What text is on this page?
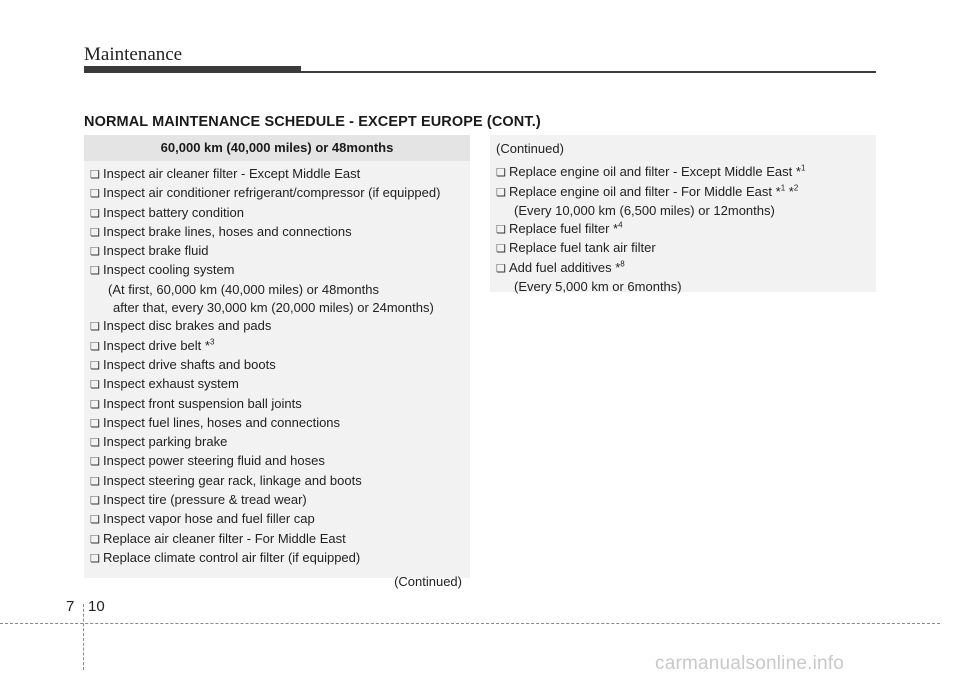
Maintenance
NORMAL MAINTENANCE SCHEDULE - EXCEPT EUROPE (CONT.)
60,000 km (40,000 miles) or 48months
❏ Inspect air cleaner filter - Except Middle East
❏ Inspect air conditioner refrigerant/compressor (if equipped)
❏ Inspect battery condition
❏ Inspect brake lines, hoses and connections
❏ Inspect brake fluid
❏ Inspect cooling system
(At first, 60,000 km (40,000 miles) or 48months
after that, every 30,000 km (20,000 miles) or 24months)
❏ Inspect disc brakes and pads
❏ Inspect drive belt *$^3$
❏ Inspect drive shafts and boots
❏ Inspect exhaust system
❏ Inspect front suspension ball joints
❏ Inspect fuel lines, hoses and connections
❏ Inspect parking brake
❏ Inspect power steering fluid and hoses
❏ Inspect steering gear rack, linkage and boots
❏ Inspect tire (pressure & tread wear)
❏ Inspect vapor hose and fuel filler cap
❏ Replace air cleaner filter - For Middle East
❏ Replace climate control air filter (if equipped)
(Continued)
(Continued)
❏ Replace engine oil and filter - Except Middle East *$^1$
❏ Replace engine oil and filter - For Middle East *$^1$ *$^2$
(Every 10,000 km (6,500 miles) or 12months)
❏ Replace fuel filter *$^4$
❏ Replace fuel tank air filter
❏ Add fuel additives *$^8$
(Every 5,000 km or 6months)
7 10
carmanualsonline.info
